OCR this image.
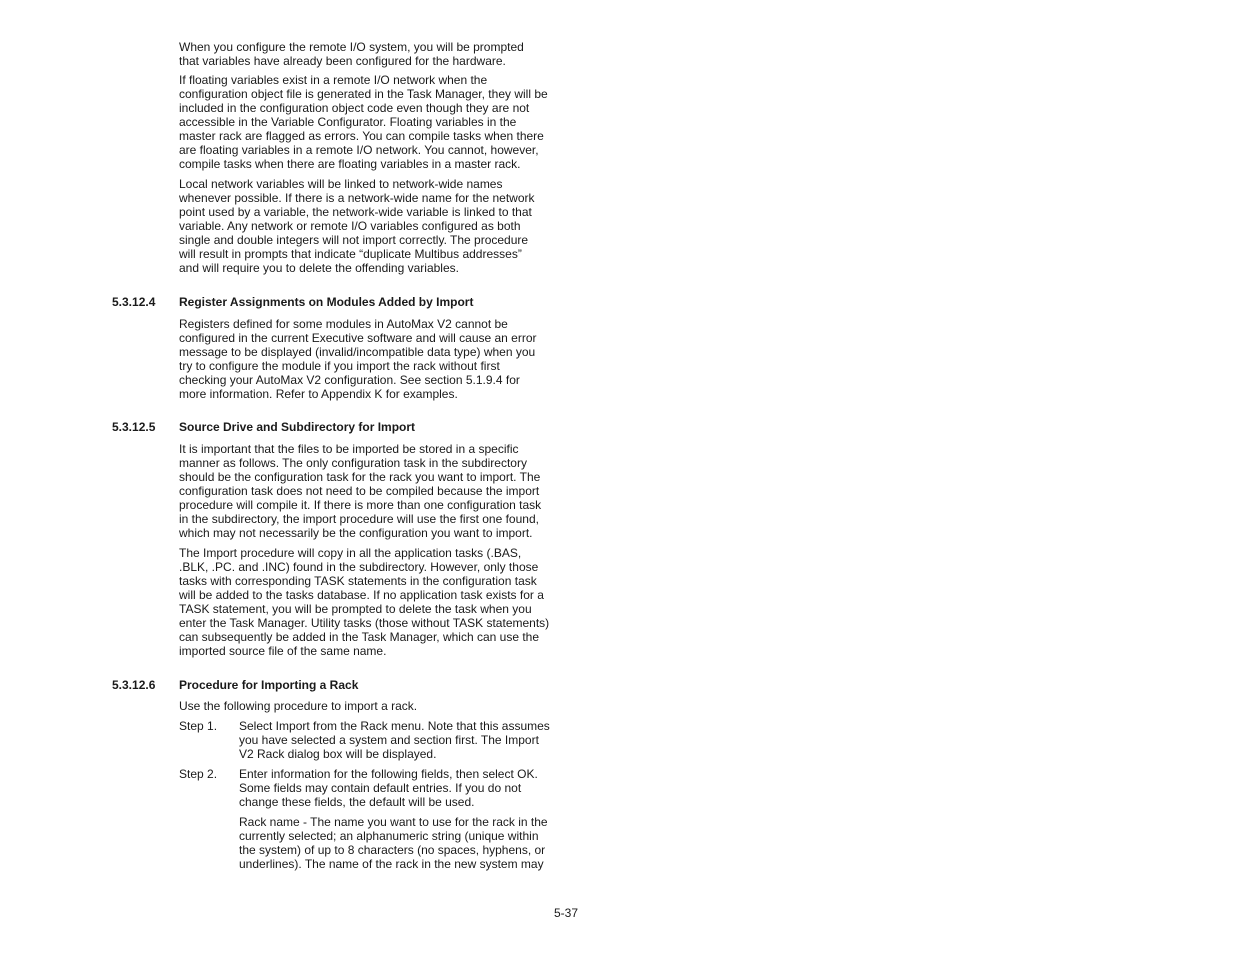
When you configure the remote I/O system, you will be prompted
that variables have already been configured for the hardware.

If floating variables exist in a remote I/O network when the
configuration object file is generated in the Task Manager, they will be
included in the configuration object code even though they are not
accessible in the Variable Configurator. Floating variables in the
master rack are flagged as errors. You can compile tasks when there
are floating variables in a remote I/O network. You cannot, however,
compile tasks when there are floating variables in a master rack.

Local network variables will be linked to network-wide names
whenever possible. If there is a network-wide name for the network
point used by a variable, the network-wide variable is linked to that
variable. Any network or remote I/O variables configured as both
single and double integers will not import correctly. The procedure
will result in prompts that indicate “duplicate Multibus addresses”
and will require you to delete the offending variables.

5.3.12.4 Register Assignments on Modules Added by Import

Registers defined for some modules in AutoMax V2 cannot be
configured in the current Executive software and will cause an error
message to be displayed (invalid/incompatible data type) when you
try to configure the module if you import the rack without first
checking your AutoMax V2 configuration. See section 5.1.9.4 for
more information. Refer to Appendix K for examples.

5.3.12.5 Source Drive and Subdirectory for Import

It is important that the files to be imported be stored in a specific
manner as follows. The only configuration task in the subdirectory
should be the configuration task for the rack you want to import. The
configuration task does not need to be compiled because the import
procedure will compile it. If there is more than one configuration task
in the subdirectory, the import procedure will use the first one found,
which may not necessarily be the configuration you want to import.

The Import procedure will copy in all the application tasks (.BAS,
.BLK, .PC. and .INC) found in the subdirectory. However, only those
tasks with corresponding TASK statements in the configuration task
will be added to the tasks database. If no application task exists for a
TASK statement, you will be prompted to delete the task when you
enter the Task Manager. Utility tasks (those without TASK statements)
can subsequently be added in the Task Manager, which can use the
imported source file of the same name.

5.3.12.6 Procedure for Importing a Rack

Use the following procedure to import a rack.

Step 1. Select Import from the Rack menu. Note that this assumes
you have selected a system and section first. The Import
V2 Rack dialog box will be displayed.

Step 2. Enter information for the following fields, then select OK.
Some fields may contain default entries. If you do not
change these fields, the default will be used.

Rack name - The name you want to use for the rack in the
currently selected; an alphanumeric string (unique within
the system) of up to 8 characters (no spaces, hyphens, or
underlines). The name of the rack in the new system may

5-37
